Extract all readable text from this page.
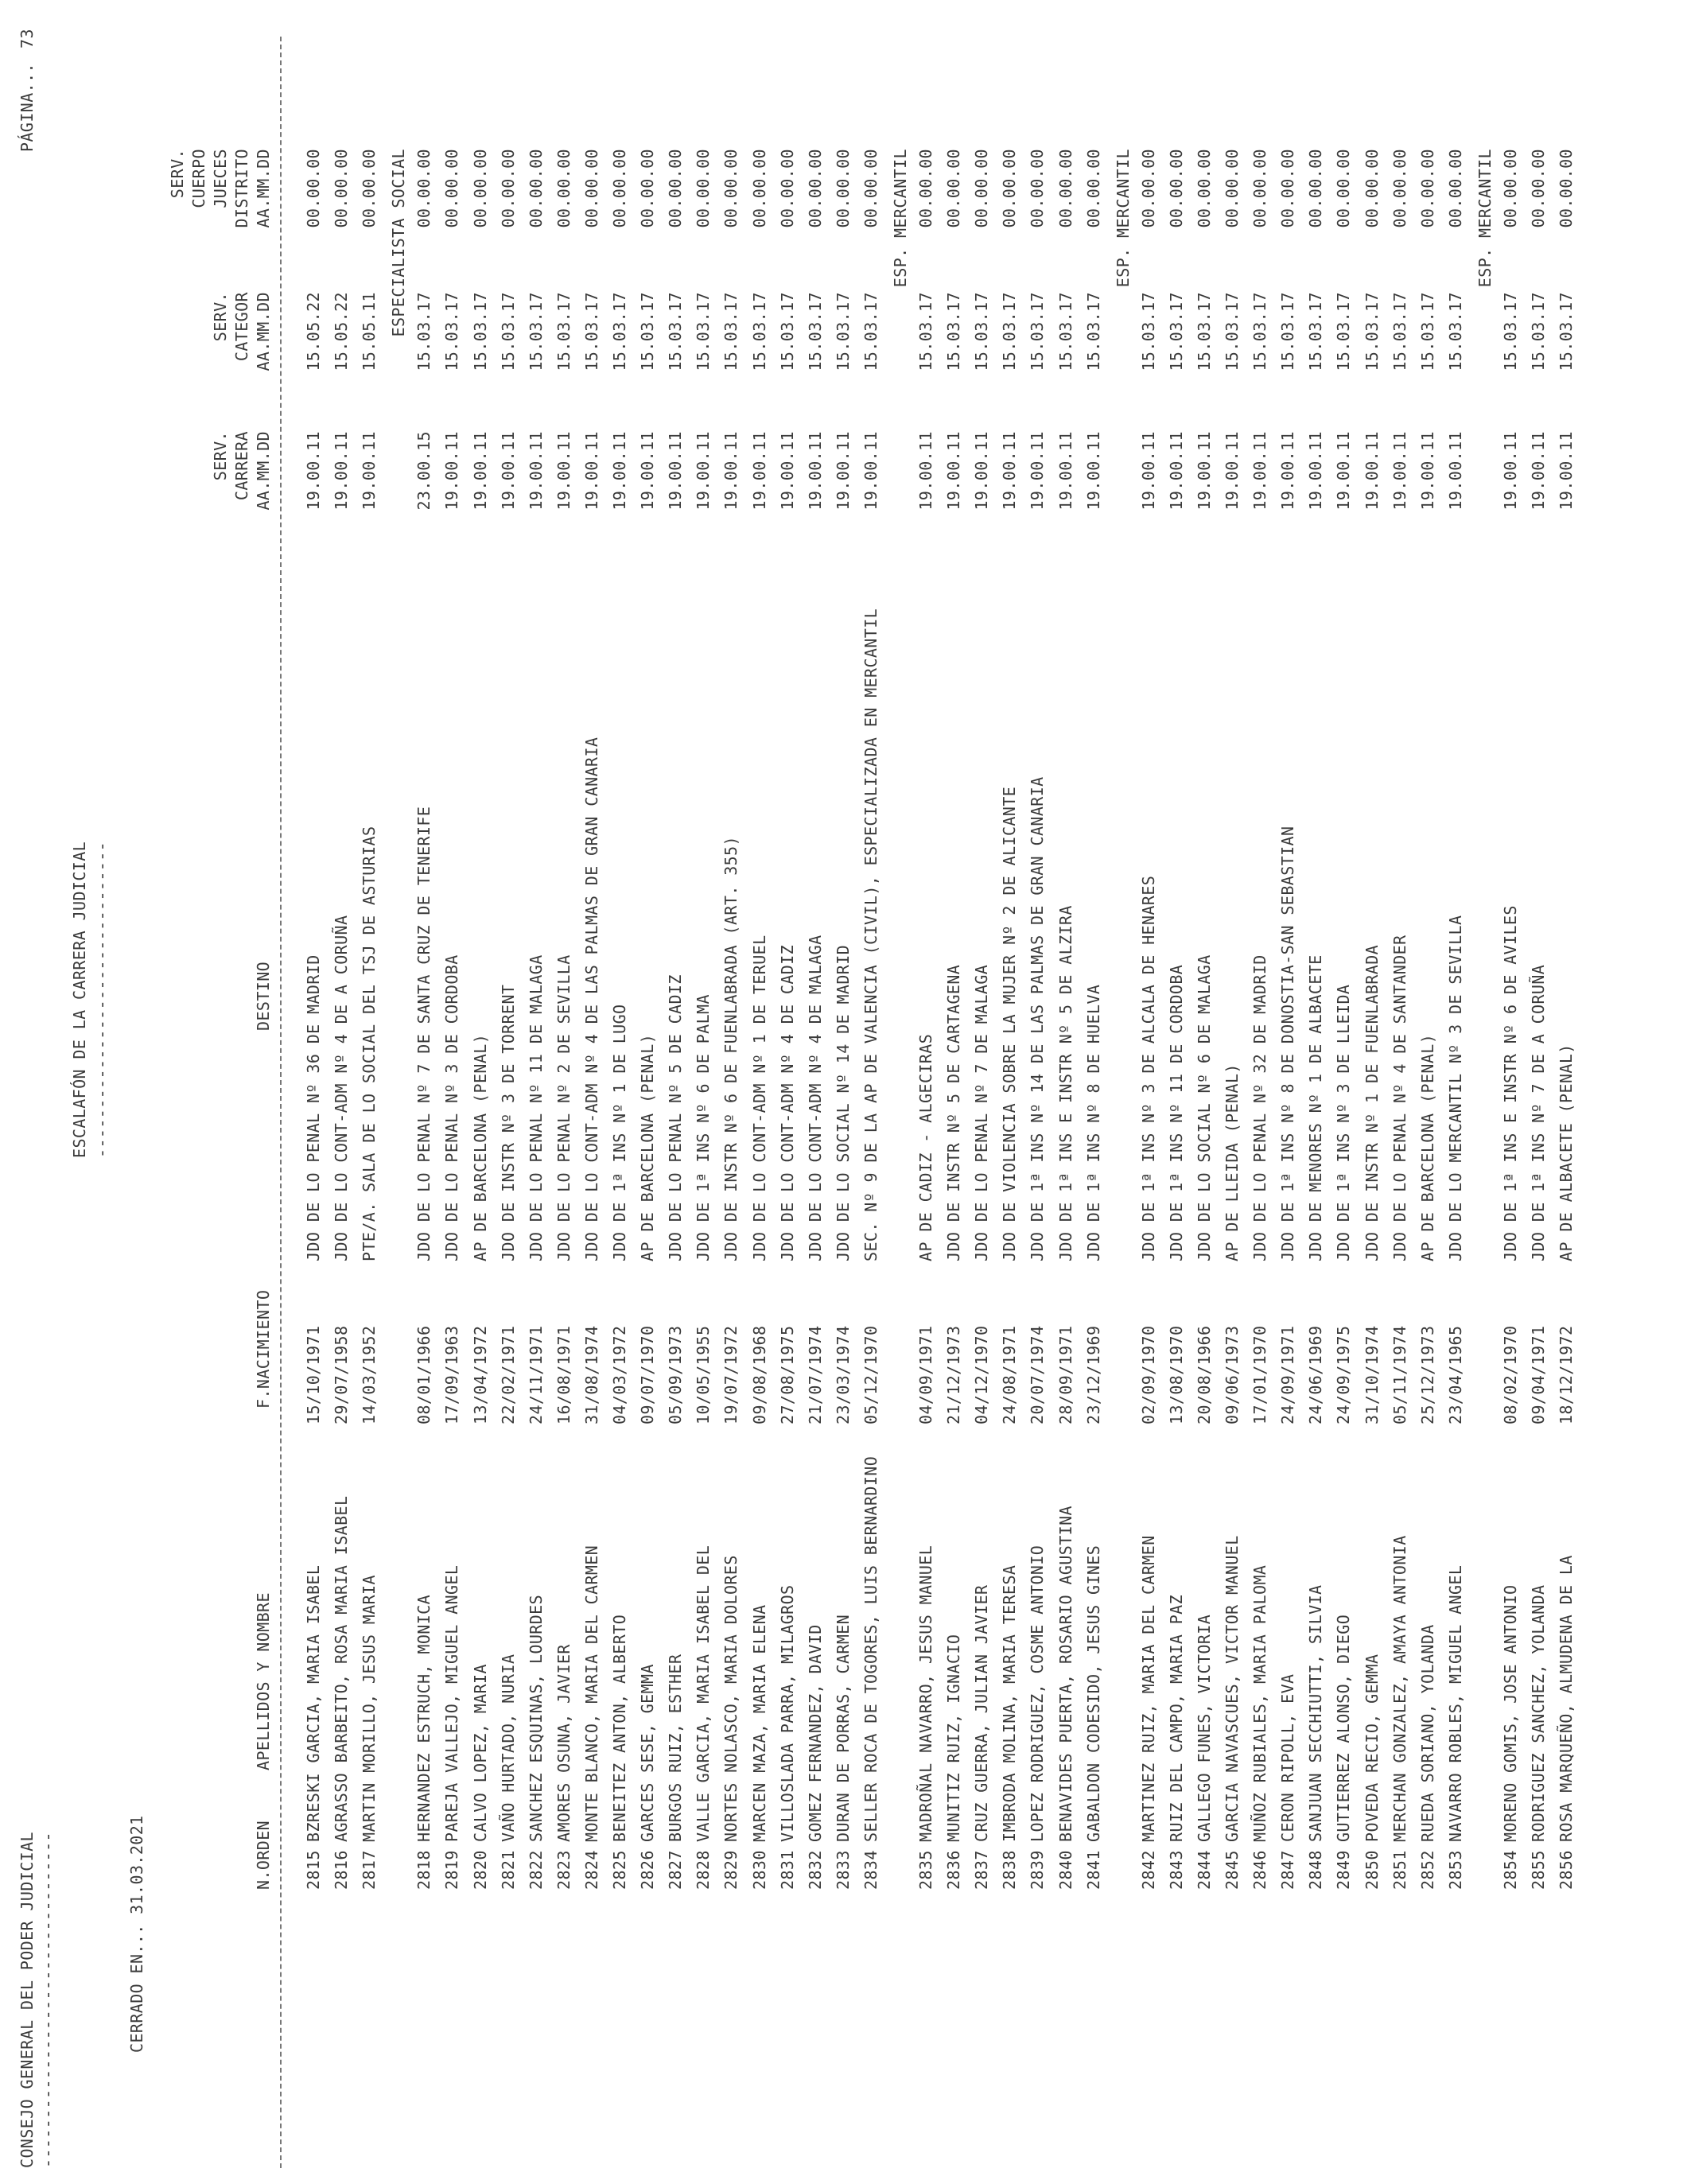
CONSEJO GENERAL DEL PODER JUDICIAL ----------------------------------
ESCALAFÓN DE LA CARRERA JUDICIAL --------------------------------
PÁGINA...
73
CERRADO EN... 31.03.2021	N.ORDEN
APELLIDOS Y NOMBRE
F.NACIMIENTO
DESTINO
SERV. CARRERA AA.MM.DD
SERV. CATEGOR AA.MM.DD
SERV. CUERPO JUECES DISTRITO AA.MM.DD
2815
BZRESKI GARCIA, MARIA ISABEL
15/10/1971
JDO DE LO PENAL Nº 36 DE MADRID
19.00.11
15.05.22
00.00.00
2816
AGRASSO BARBEITO, ROSA MARIA ISABEL
29/07/1958
JDO DE LO CONT-ADM Nº 4 DE A CORUÑA
19.00.11
15.05.22
00.00.00
2817
MARTIN MORILLO, JESUS MARIA
14/03/1952
PTE/A. SALA DE LO SOCIAL DEL TSJ DE ASTURIAS
19.00.11
15.05.11
00.00.00 ESPECIALISTA SOCIAL
2818
HERNANDEZ ESTRUCH, MONICA
08/01/1966
JDO DE LO PENAL Nº 7 DE SANTA CRUZ DE TENERIFE
23.00.15
15.03.17
00.00.00
2819
PAREJA VALLEJO, MIGUEL ANGEL
17/09/1963
JDO DE LO PENAL Nº 3 DE CORDOBA
19.00.11
15.03.17
00.00.00
2820
CALVO LOPEZ, MARIA
13/04/1972
AP DE BARCELONA (PENAL)
19.00.11
15.03.17
00.00.00
2821
VAÑO HURTADO, NURIA
22/02/1971
JDO DE INSTR Nº 3 DE TORRENT
19.00.11
15.03.17
00.00.00
2822
SANCHEZ ESQUINAS, LOURDES
24/11/1971
JDO DE LO PENAL Nº 11 DE MALAGA
19.00.11
15.03.17
00.00.00
2823
AMORES OSUNA, JAVIER
16/08/1971
JDO DE LO PENAL Nº 2 DE SEVILLA
19.00.11
15.03.17
00.00.00
2824
MONTE BLANCO, MARIA DEL CARMEN
31/08/1974
JDO DE LO CONT-ADM Nº 4 DE LAS PALMAS DE GRAN CANARIA
19.00.11
15.03.17
00.00.00
2825
BENEITEZ ANTON, ALBERTO
04/03/1972
JDO DE 1ª INS Nº 1 DE LUGO
19.00.11
15.03.17
00.00.00
2826
GARCES SESE, GEMMA
09/07/1970
AP DE BARCELONA (PENAL)
19.00.11
15.03.17
00.00.00
2827
BURGOS RUIZ, ESTHER
05/09/1973
JDO DE LO PENAL Nº 5 DE CADIZ
19.00.11
15.03.17
00.00.00
2828
VALLE GARCIA, MARIA ISABEL DEL
10/05/1955
JDO DE 1ª INS Nº 6 DE PALMA
19.00.11
15.03.17
00.00.00
2829
NORTES NOLASCO, MARIA DOLORES
19/07/1972
JDO DE INSTR Nº 6 DE FUENLABRADA (ART. 355)
19.00.11
15.03.17
00.00.00
2830
MARCEN MAZA, MARIA ELENA
09/08/1968
JDO DE LO CONT-ADM Nº 1 DE TERUEL
19.00.11
15.03.17
00.00.00
2831
VILLOSLADA PARRA, MILAGROS
27/08/1975
JDO DE LO CONT-ADM Nº 4 DE CADIZ
19.00.11
15.03.17
00.00.00
2832
GOMEZ FERNANDEZ, DAVID
21/07/1974
JDO DE LO CONT-ADM Nº 4 DE MALAGA
19.00.11
15.03.17
00.00.00
2833
DURAN DE PORRAS, CARMEN
23/03/1974
JDO DE LO SOCIAL Nº 14 DE MADRID
19.00.11
15.03.17
00.00.00
2834
SELLER ROCA DE TOGORES, LUIS BERNARDINO
05/12/1970
SEC. Nº 9 DE LA AP DE VALENCIA (CIVIL), ESPECIALIZADA EN MERCANTIL
19.00.11
15.03.17
00.00.00 ESP. MERCANTIL
2835
MADROÑAL NAVARRO, JESUS MANUEL
04/09/1971
AP DE CADIZ - ALGECIRAS
19.00.11
15.03.17
00.00.00
2836
MUNITIZ RUIZ, IGNACIO
21/12/1973
JDO DE INSTR Nº 5 DE CARTAGENA
19.00.11
15.03.17
00.00.00
2837
CRUZ GUERRA, JULIAN JAVIER
04/12/1970
JDO DE LO PENAL Nº 7 DE MALAGA
19.00.11
15.03.17
00.00.00
2838
IMBRODA MOLINA, MARIA TERESA
24/08/1971
JDO DE VIOLENCIA SOBRE LA MUJER Nº 2 DE ALICANTE
19.00.11
15.03.17
00.00.00
2839
LOPEZ RODRIGUEZ, COSME ANTONIO
20/07/1974
JDO DE 1ª INS Nº 14 DE LAS PALMAS DE GRAN CANARIA
19.00.11
15.03.17
00.00.00
2840
BENAVIDES PUERTA, ROSARIO AGUSTINA
28/09/1971
JDO DE 1ª INS E INSTR Nº 5 DE ALZIRA
19.00.11
15.03.17
00.00.00
2841
GABALDON CODESIDO, JESUS GINES
23/12/1969
JDO DE 1ª INS Nº 8 DE HUELVA
19.00.11
15.03.17
00.00.00 ESP. MERCANTIL
2842
MARTINEZ RUIZ, MARIA DEL CARMEN
02/09/1970
JDO DE 1ª INS Nº 3 DE ALCALA DE HENARES
19.00.11
15.03.17
00.00.00
2843
RUIZ DEL CAMPO, MARIA PAZ
13/08/1970
JDO DE 1ª INS Nº 11 DE CORDOBA
19.00.11
15.03.17
00.00.00
2844
GALLEGO FUNES, VICTORIA
20/08/1966
JDO DE LO SOCIAL Nº 6 DE MALAGA
19.00.11
15.03.17
00.00.00
2845
GARCIA NAVASCUES, VICTOR MANUEL
09/06/1973
AP DE LLEIDA (PENAL)
19.00.11
15.03.17
00.00.00
2846
MUÑOZ RUBIALES, MARIA PALOMA
17/01/1970
JDO DE LO PENAL Nº 32 DE MADRID
19.00.11
15.03.17
00.00.00
2847
CERON RIPOLL, EVA
24/09/1971
JDO DE 1ª INS Nº 8 DE DONOSTIA-SAN SEBASTIAN
19.00.11
15.03.17
00.00.00
2848
SANJUAN SECCHIUTTI, SILVIA
24/06/1969
JDO DE MENORES Nº 1 DE ALBACETE
19.00.11
15.03.17
00.00.00
2849
GUTIERREZ ALONSO, DIEGO
24/09/1975
JDO DE 1ª INS Nº 3 DE LLEIDA
19.00.11
15.03.17
00.00.00
2850
POVEDA RECIO, GEMMA
31/10/1974
JDO DE INSTR Nº 1 DE FUENLABRADA
19.00.11
15.03.17
00.00.00
2851
MERCHAN GONZALEZ, AMAYA ANTONIA
05/11/1974
JDO DE LO PENAL Nº 4 DE SANTANDER
19.00.11
15.03.17
00.00.00
2852
RUEDA SORIANO, YOLANDA
25/12/1973
AP DE BARCELONA (PENAL)
19.00.11
15.03.17
00.00.00
2853
NAVARRO ROBLES, MIGUEL ANGEL
23/04/1965
JDO DE LO MERCANTIL Nº 3 DE SEVILLA
19.00.11
15.03.17
00.00.00 ESP. MERCANTIL
2854
MORENO GOMIS, JOSE ANTONIO
08/02/1970
JDO DE 1ª INS E INSTR Nº 6 DE AVILES
19.00.11
15.03.17
00.00.00
2855
RODRIGUEZ SANCHEZ, YOLANDA
09/04/1971
JDO DE 1ª INS Nº 7 DE A CORUÑA
19.00.11
15.03.17
00.00.00
2856
ROSA MARQUEÑO, ALMUDENA DE LA
18/12/1972
AP DE ALBACETE (PENAL)
19.00.11
15.03.17
00.00.00
